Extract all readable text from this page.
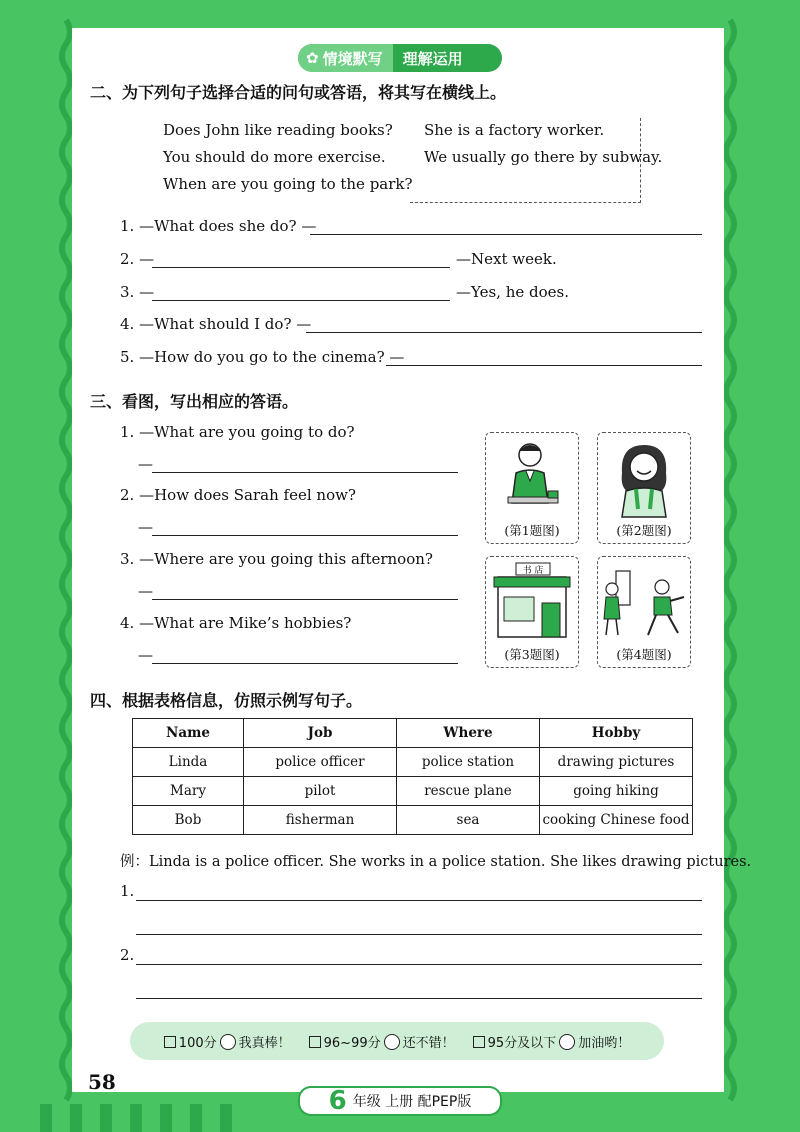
✿ 情境默写	理解运用
二、为下列句子选择合适的问句或答语，将其写在横线上。
Does John like reading books? She is a factory worker.
You should do more exercise.	We usually go there by subway.
When are you going to the park?
1. —What does she do? —
2. —	—Next week.
3. —	—Yes, he does.
4. —What should I do? —
5. —How do you go to the cinema? —
三、看图，写出相应的答语。
1. —What are you going to do?
—
2. —How does Sarah feel now?
—
3. —Where are you going this afternoon?
—
4. —What are Mike’s hobbies?
—
(第1题图)	(第2题图)
书 店
(第3题图)	(第4题图)
四、根据表格信息，仿照示例写句子。
Name	Job	Where	Hobby
Linda	police officer	police station	drawing pictures
Mary	pilot	rescue plane	going hiking
Bob	fisherman	sea	cooking Chinese food
例：Linda is a police officer. She works in a police station. She likes drawing pictures.
1.
2.
100分 我真棒！	96~99分 还不错！	95分及以下 加油哟！
58
6 年级 上册 配PEP版
